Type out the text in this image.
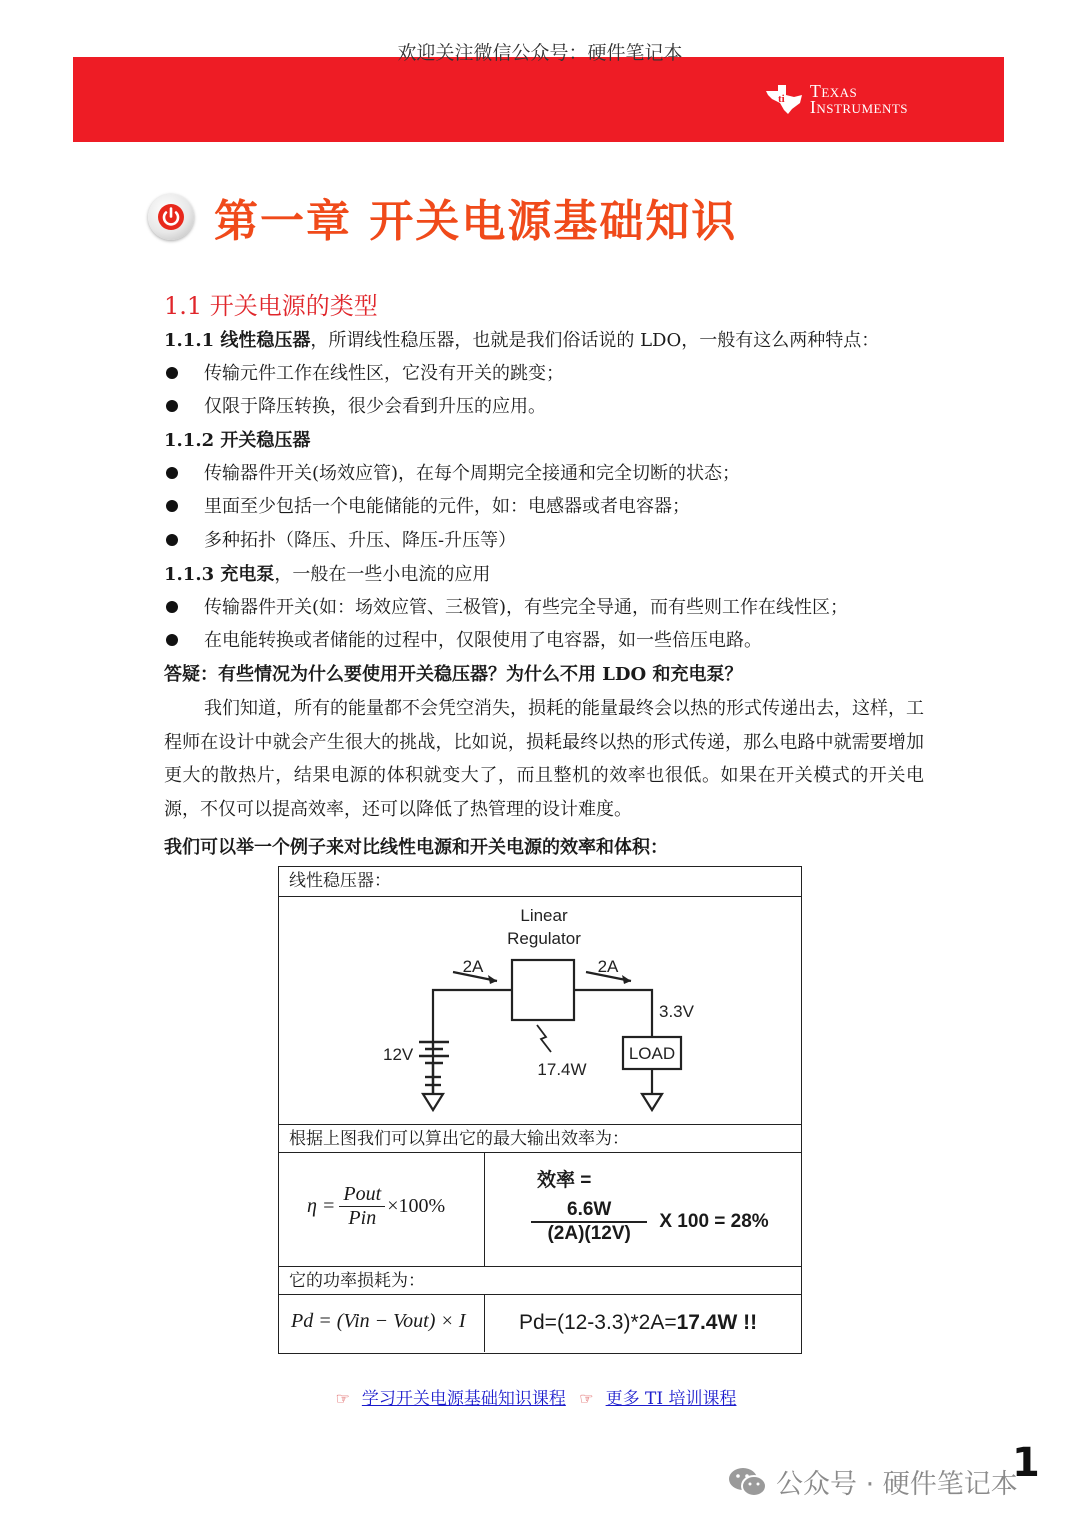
欢迎关注微信公众号：硬件笔记本
ti Texas
Instruments
第一章 开关电源基础知识
1.1 开关电源的类型
1.1.1 线性稳压器，所谓线性稳压器，也就是我们俗话说的 LDO，一般有这么两种特点：
传输元件工作在线性区，它没有开关的跳变；
仅限于降压转换，很少会看到升压的应用。
1.1.2 开关稳压器
传输器件开关(场效应管)，在每个周期完全接通和完全切断的状态；
里面至少包括一个电能储能的元件，如：电感器或者电容器；
多种拓扑（降压、升压、降压-升压等）
1.1.3 充电泵，一般在一些小电流的应用
传输器件开关(如：场效应管、三极管)，有些完全导通，而有些则工作在线性区；
在电能转换或者储能的过程中，仅限使用了电容器，如一些倍压电路。
答疑：有些情况为什么要使用开关稳压器？为什么不用 LDO 和充电泵？
我们知道，所有的能量都不会凭空消失，损耗的能量最终会以热的形式传递出去，这样，工程师在设计中就会产生很大的挑战，比如说，损耗最终以热的形式传递，那么电路中就需要增加更大的散热片，结果电源的体积就变大了，而且整机的效率也很低。如果在开关模式的开关电源，不仅可以提高效率，还可以降低了热管理的设计难度。
我们可以举一个例子来对比线性电源和开关电源的效率和体积：
线性稳压器：
Linear
Regulator
2A	2A
3.3V
12V
17.4W
LOAD
根据上图我们可以算出它的最大输出效率为：
η =
Pout
Pin
×100%
效率 =
$\frac{6.6W}{(2A)(12V)}$ X 100 = 28%
它的功率损耗为：
Pd = (Vin − Vout) × I	Pd=(12-3.3)*2A=17.4W !!
☞ 学习开关电源基础知识课程 ☞ 更多 TI 培训课程
公众号 · 硬件笔记本
1
